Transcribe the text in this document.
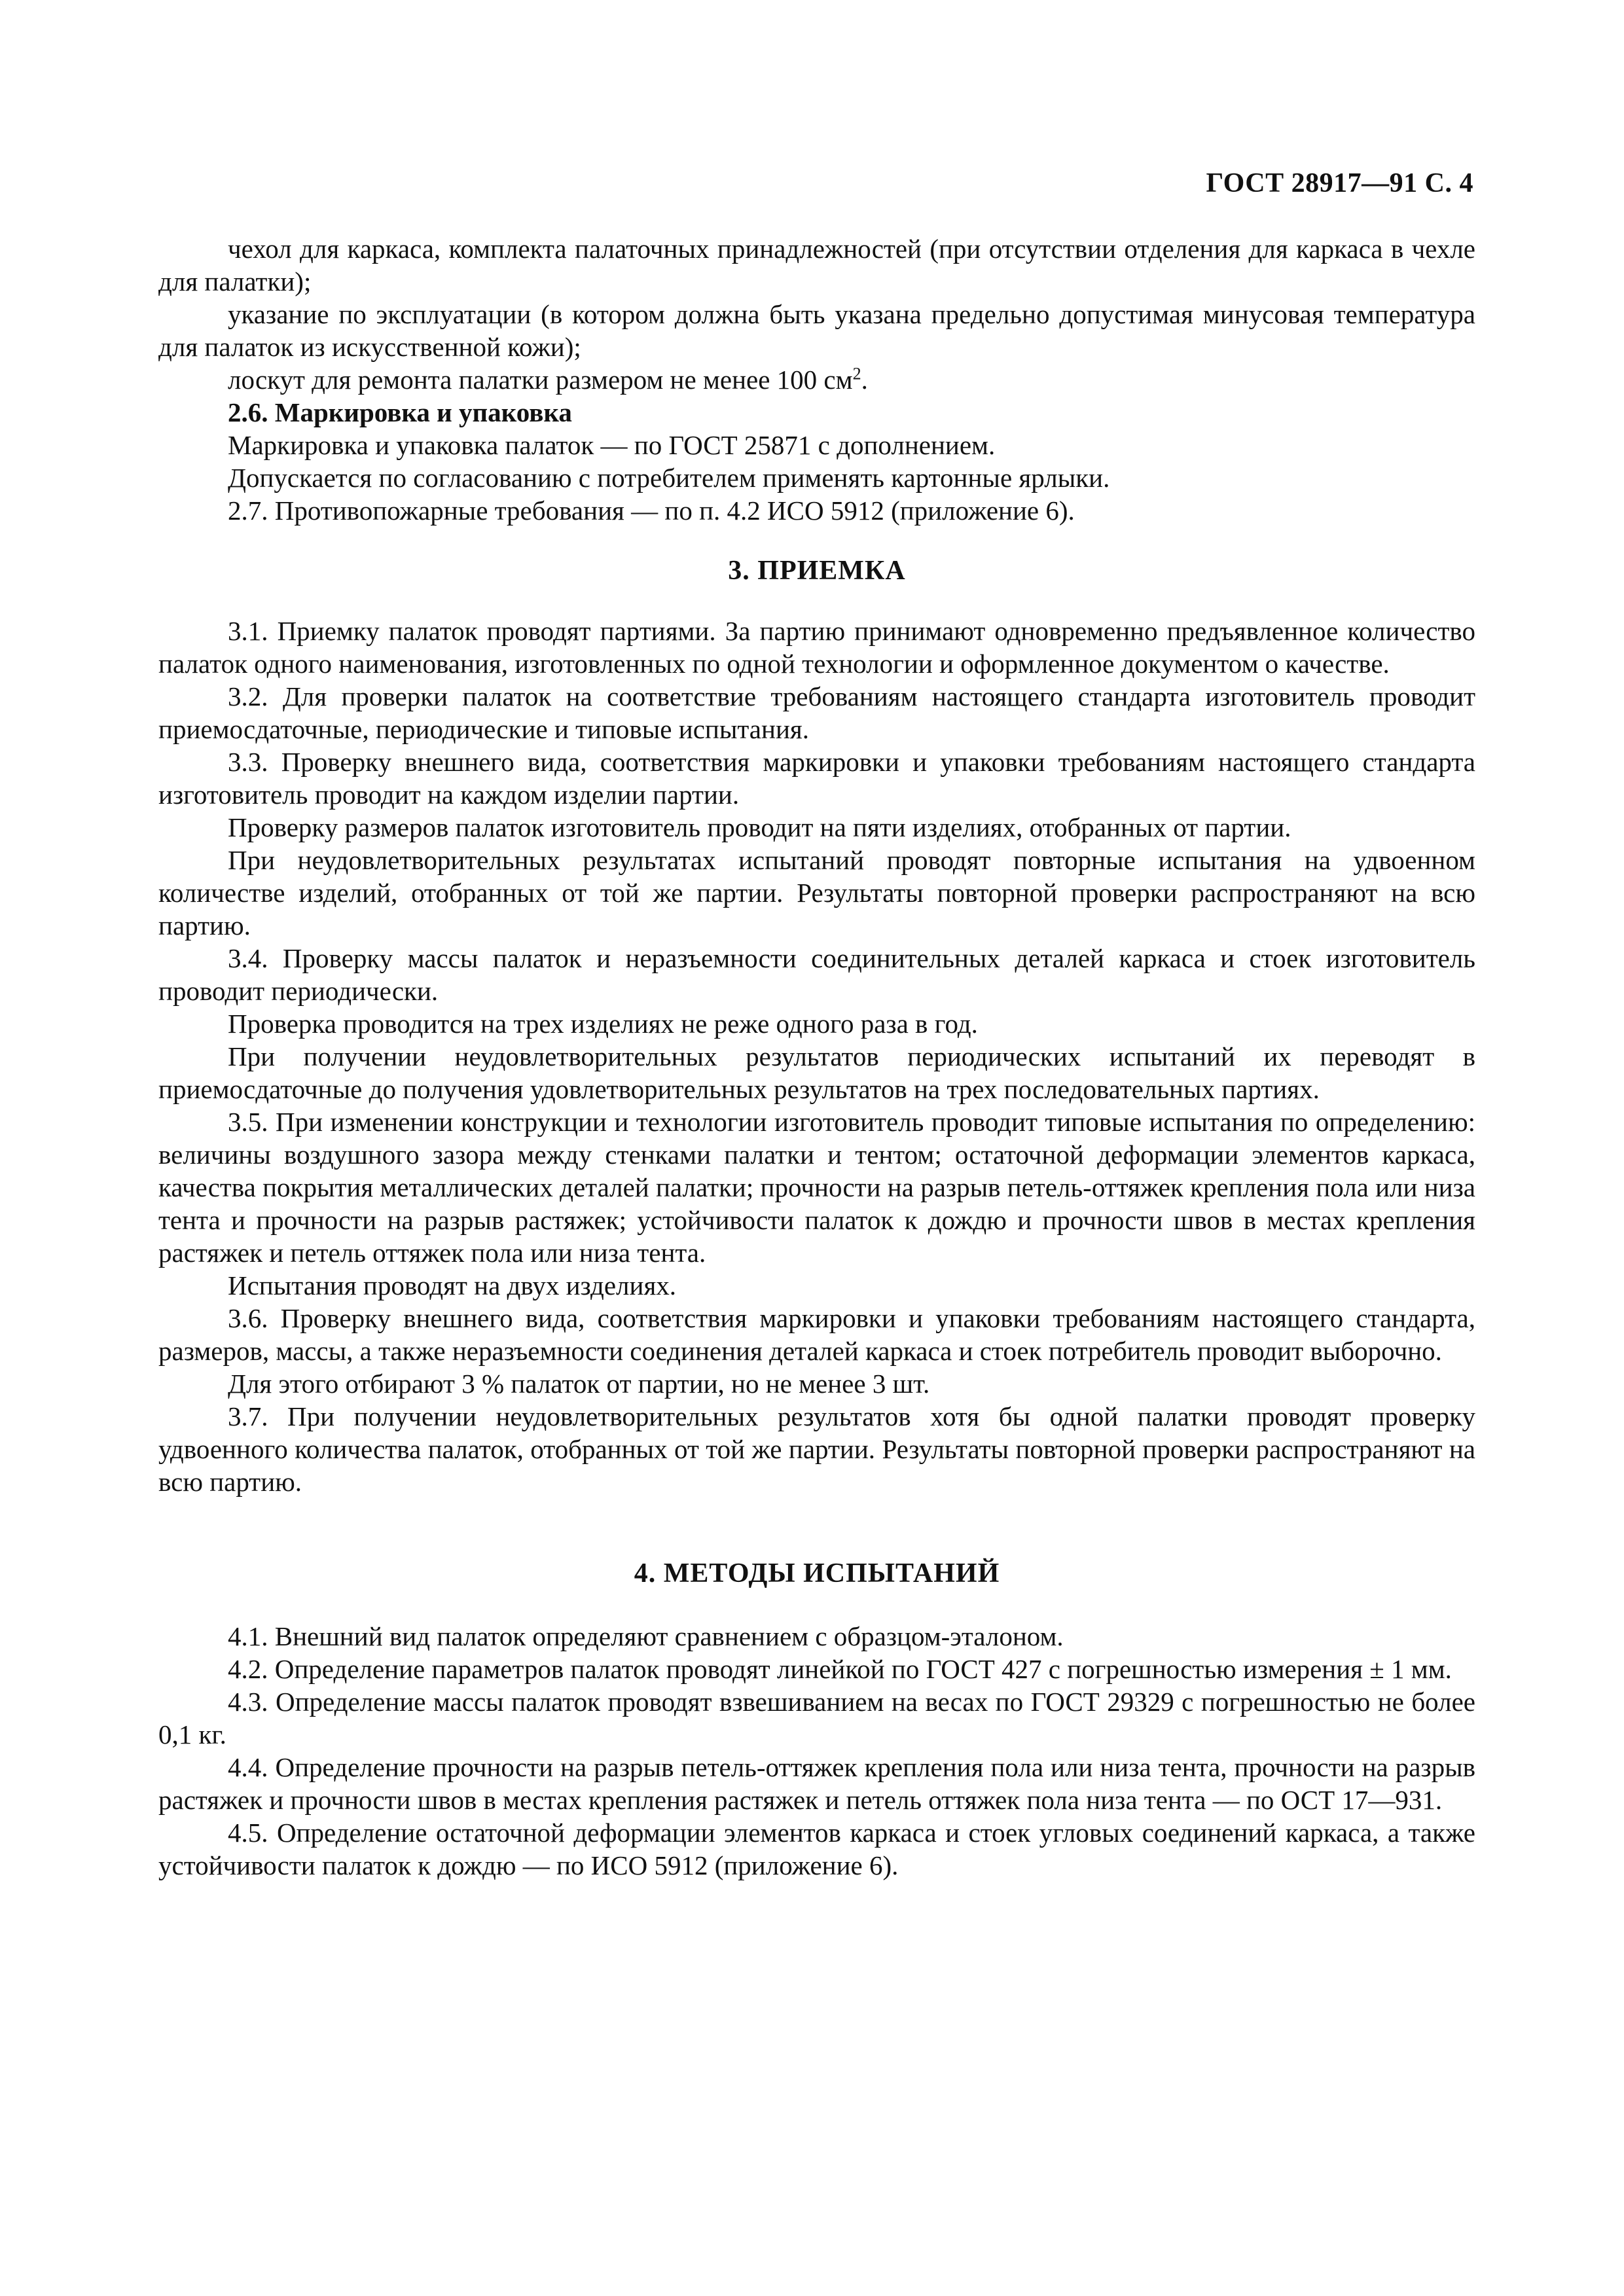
ГОСТ 28917—91 С. 4

чехол для каркаса, комплекта палаточных принадлежностей (при отсутствии отделения для каркаса в чехле для палатки);

указание по эксплуатации (в котором должна быть указана предельно допустимая минусовая температура для палаток из искусственной кожи);

лоскут для ремонта палатки размером не менее 100 $см^2$.

2.6. Маркировка и упаковка

Маркировка и упаковка палаток — по ГОСТ 25871 с дополнением.

Допускается по согласованию с потребителем применять картонные ярлыки.

2.7. Противопожарные требования — по п. 4.2 ИСО 5912 (приложение 6).

3. ПРИЕМКА

3.1. Приемку палаток проводят партиями. За партию принимают одновременно предъявленное количество палаток одного наименования, изготовленных по одной технологии и оформленное документом о качестве.

3.2. Для проверки палаток на соответствие требованиям настоящего стандарта изготовитель проводит приемосдаточные, периодические и типовые испытания.

3.3. Проверку внешнего вида, соответствия маркировки и упаковки требованиям настоящего стандарта изготовитель проводит на каждом изделии партии.

Проверку размеров палаток изготовитель проводит на пяти изделиях, отобранных от партии.

При неудовлетворительных результатах испытаний проводят повторные испытания на удвоенном количестве изделий, отобранных от той же партии. Результаты повторной проверки распространяют на всю партию.

3.4. Проверку массы палаток и неразъемности соединительных деталей каркаса и стоек изготовитель проводит периодически.

Проверка проводится на трех изделиях не реже одного раза в год.

При получении неудовлетворительных результатов периодических испытаний их переводят в приемосдаточные до получения удовлетворительных результатов на трех последовательных партиях.

3.5. При изменении конструкции и технологии изготовитель проводит типовые испытания по определению: величины воздушного зазора между стенками палатки и тентом; остаточной деформации элементов каркаса, качества покрытия металлических деталей палатки; прочности на разрыв петель-оттяжек крепления пола или низа тента и прочности на разрыв растяжек; устойчивости палаток к дождю и прочности швов в местах крепления растяжек и петель оттяжек пола или низа тента.

Испытания проводят на двух изделиях.

3.6. Проверку внешнего вида, соответствия маркировки и упаковки требованиям настоящего стандарта, размеров, массы, а также неразъемности соединения деталей каркаса и стоек потребитель проводит выборочно.

Для этого отбирают 3 % палаток от партии, но не менее 3 шт.

3.7. При получении неудовлетворительных результатов хотя бы одной палатки проводят проверку удвоенного количества палаток, отобранных от той же партии. Результаты повторной проверки распространяют на всю партию.

4. МЕТОДЫ ИСПЫТАНИЙ

4.1. Внешний вид палаток определяют сравнением с образцом-эталоном.

4.2. Определение параметров палаток проводят линейкой по ГОСТ 427 с погрешностью измерения ± 1 мм.

4.3. Определение массы палаток проводят взвешиванием на весах по ГОСТ 29329 с погрешностью не более 0,1 кг.

4.4. Определение прочности на разрыв петель-оттяжек крепления пола или низа тента, прочности на разрыв растяжек и прочности швов в местах крепления растяжек и петель оттяжек пола низа тента — по ОСТ 17—931.

4.5. Определение остаточной деформации элементов каркаса и стоек угловых соединений каркаса, а также устойчивости палаток к дождю — по ИСО 5912 (приложение 6).
